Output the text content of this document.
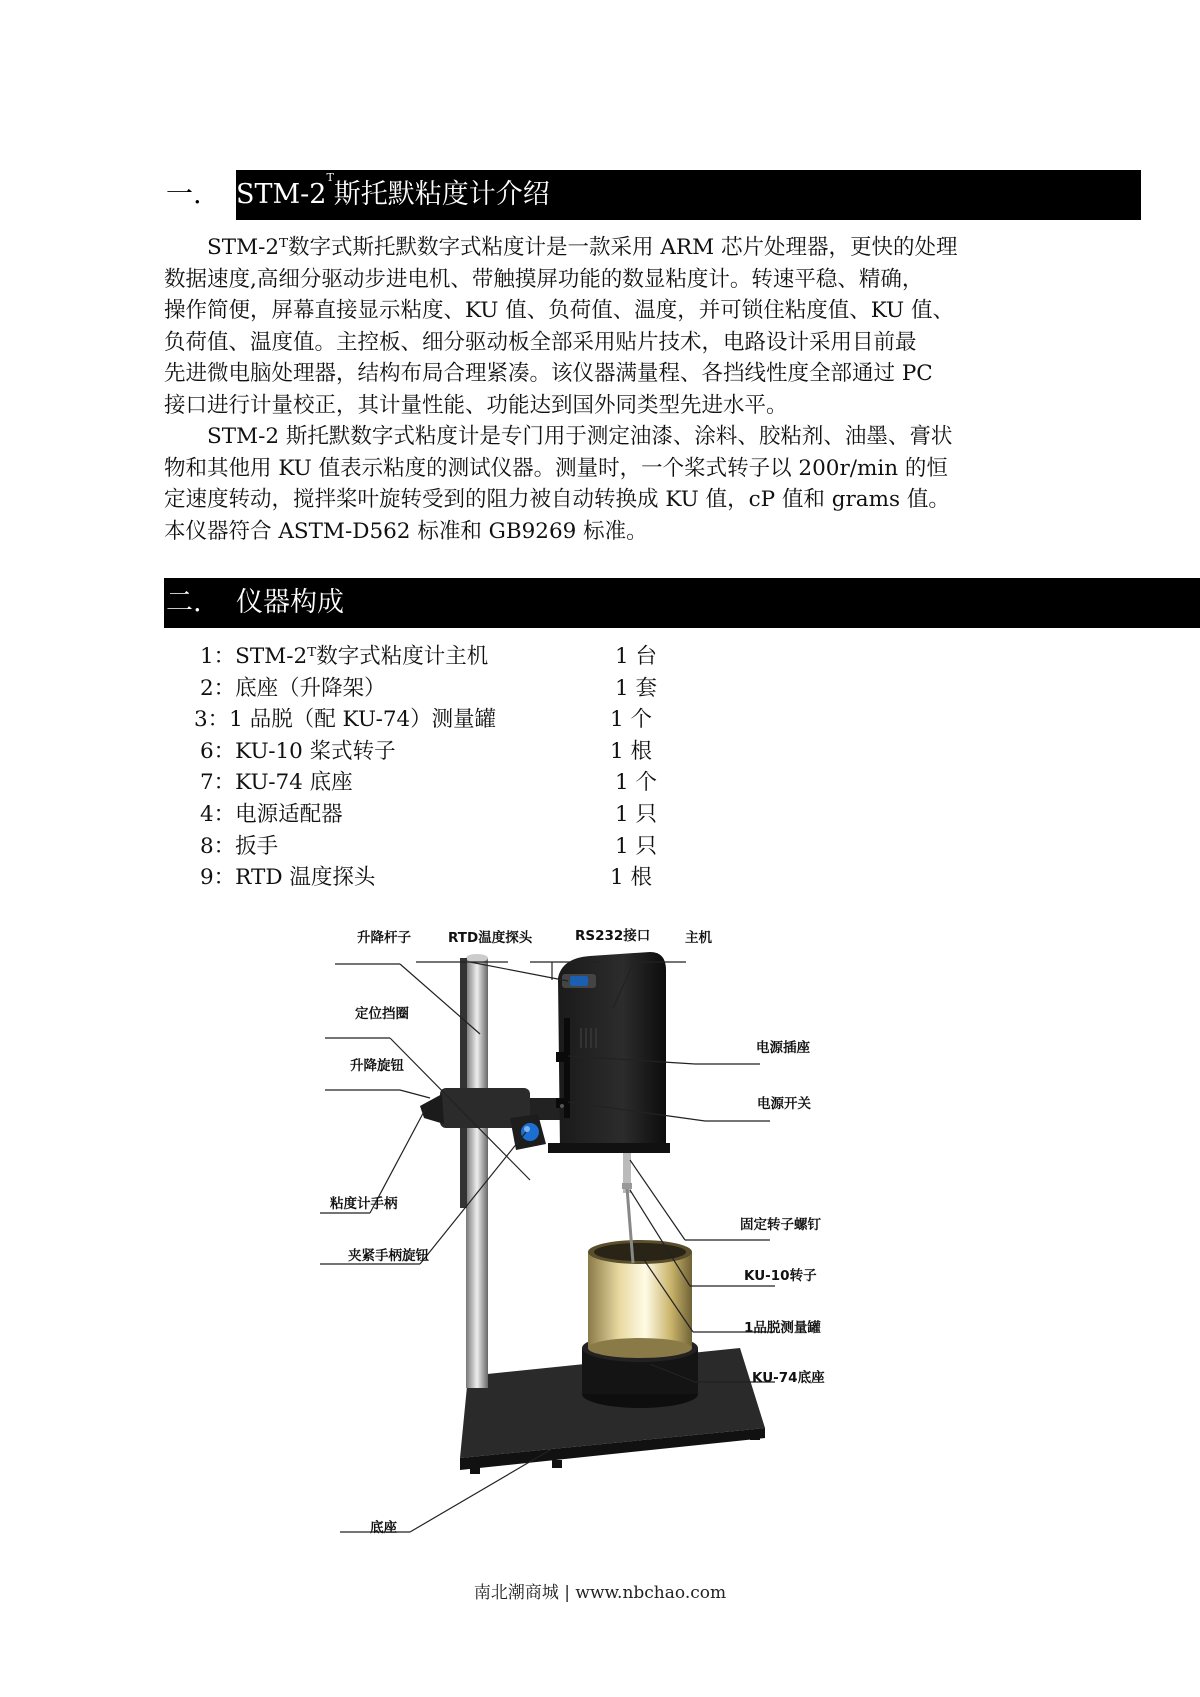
一.	STM-$2^T$斯托默粘度计介绍
　　STM-2ᵀ数字式斯托默数字式粘度计是一款采用 ARM 芯片处理器，更快的处理
数据速度,高细分驱动步进电机、带触摸屏功能的数显粘度计。转速平稳、精确，
操作简便，屏幕直接显示粘度、KU 值、负荷值、温度，并可锁住粘度值、KU 值、
负荷值、温度值。主控板、细分驱动板全部采用贴片技术，电路设计采用目前最
先进微电脑处理器，结构布局合理紧凑。该仪器满量程、各挡线性度全部通过 PC
接口进行计量校正，其计量性能、功能达到国外同类型先进水平。
　　STM-2 斯托默数字式粘度计是专门用于测定油漆、涂料、胶粘剂、油墨、膏状
物和其他用 KU 值表示粘度的测试仪器。测量时，一个桨式转子以 200r/min 的恒
定速度转动，搅拌桨叶旋转受到的阻力被自动转换成 KU 值，cP 值和 grams 值。
本仪器符合 ASTM-D562 标准和 GB9269 标准。
二.	仪器构成
1：STM-2ᵀ数字式粘度计主机	1 台
2：底座（升降架）	1 套
3：1 品脱（配 KU-74）测量罐	1 个
6：KU-10 桨式转子	1 根
7：KU-74 底座	1 个
4：电源适配器	1 只
8：扳手	1 只
9：RTD 温度探头	1 根
升降杆子	RTD温度探头	RS232接口	主机
定位挡圈
升降旋钮
电源插座
电源开关
粘度计手柄
夹紧手柄旋钮
固定转子螺钉
KU-10转子
1品脱测量罐
KU-74底座
底座
南北潮商城 | www.nbchao.com
